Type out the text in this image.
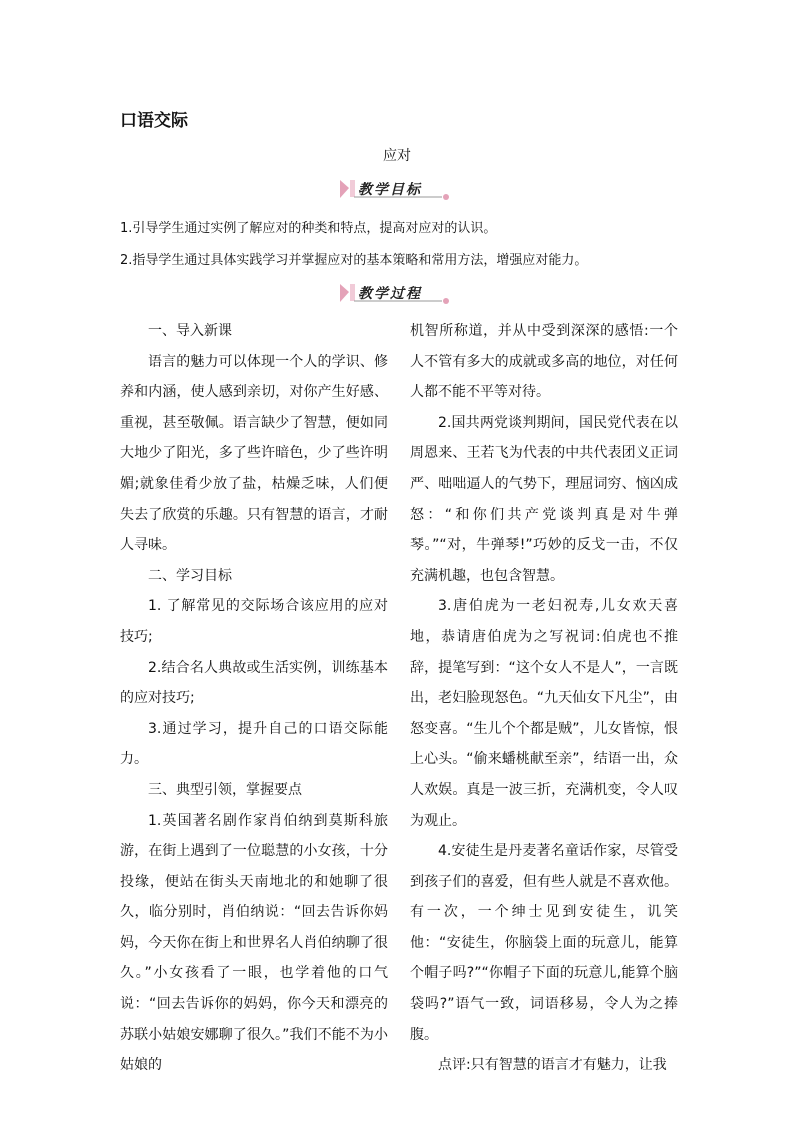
口语交际
应对
教学目标
1.引导学生通过实例了解应对的种类和特点，提高对应对的认识。
2.指导学生通过具体实践学习并掌握应对的基本策略和常用方法，增强应对能力。
教学过程

一、导入新课

语言的魅力可以体现一个人的学识、修养和内涵，使人感到亲切，对你产生好感、重视，甚至敬佩。语言缺少了智慧，便如同大地少了阳光，多了些许暗色，少了些许明媚;就象佳肴少放了盐，枯燥乏味，人们便失去了欣赏的乐趣。只有智慧的语言，才耐人寻味。

二、学习目标

1. 了解常见的交际场合该应用的应对技巧;

2.结合名人典故或生活实例，训练基本的应对技巧;

3.通过学习，提升自己的口语交际能力。

三、典型引领，掌握要点

1.英国著名剧作家肖伯纳到莫斯科旅游，在街上遇到了一位聪慧的小女孩，十分投缘，便站在街头天南地北的和她聊了很久，临分别时，肖伯纳说：“回去告诉你妈妈，今天你在街上和世界名人肖伯纳聊了很久。”小女孩看了一眼，也学着他的口气说：“回去告诉你的妈妈，你今天和漂亮的苏联小姑娘安娜聊了很久。”我们不能不为小姑娘的

机智所称道，并从中受到深深的感悟:一个人不管有多大的成就或多高的地位，对任何人都不能不平等对待。

2.国共两党谈判期间，国民党代表在以周恩来、王若飞为代表的中共代表团义正词严、咄咄逼人的气势下，理屈词穷、恼凶成怒：“和你们共产党谈判真是对牛弹琴。”“对，牛弹琴!”巧妙的反戈一击，不仅充满机趣，也包含智慧。

3.唐伯虎为一老妇祝寿,儿女欢天喜地，恭请唐伯虎为之写祝词:伯虎也不推辞，提笔写到：“这个女人不是人”，一言既出，老妇脸现怒色。“九天仙女下凡尘”，由怒变喜。“生儿个个都是贼”，儿女皆惊，恨上心头。“偷来蟠桃献至亲”，结语一出，众人欢娱。真是一波三折，充满机变，令人叹为观止。

4.安徒生是丹麦著名童话作家，尽管受到孩子们的喜爱，但有些人就是不喜欢他。有一次，一个绅士见到安徒生，讥笑他：“安徒生，你脑袋上面的玩意儿，能算个帽子吗?”“你帽子下面的玩意儿,能算个脑袋吗?”语气一致，词语移易，令人为之捧腹。

点评:只有智慧的语言才有魅力，让我
